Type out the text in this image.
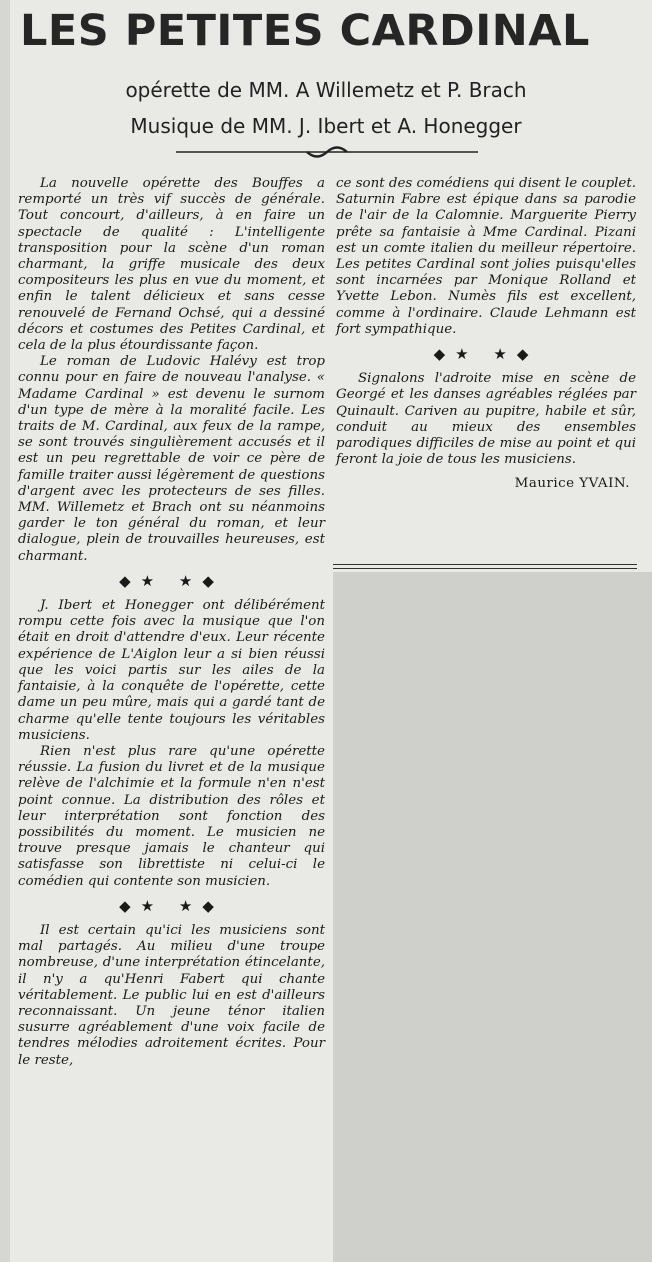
LES PETITES CARDINAL
opérette de MM. A Willemetz et P. Brach
Musique de MM. J. Ibert et A. Honegger

La nouvelle opérette des Bouffes a remporté un très vif succès de générale. Tout concourt, d'ailleurs, à en faire un spectacle de qualité : L'intelligente transposition pour la scène d'un roman charmant, la griffe musicale des deux compositeurs les plus en vue du moment, et enfin le talent délicieux et sans cesse renouvelé de Fernand Ochsé, qui a dessiné décors et costumes des Petites Cardinal, et cela de la plus étourdissante façon.

Le roman de Ludovic Halévy est trop connu pour en faire de nouveau l'analyse. « Madame Cardinal » est devenu le surnom d'un type de mère à la moralité facile. Les traits de M. Cardinal, aux feux de la rampe, se sont trouvés singulièrement accusés et il est un peu regrettable de voir ce père de famille traiter aussi légèrement de questions d'argent avec les protecteurs de ses filles. MM. Willemetz et Brach ont su néanmoins garder le ton général du roman, et leur dialogue, plein de trouvailles heureuses, est charmant.

◆★ ★◆

J. Ibert et Honegger ont délibérément rompu cette fois avec la musique que l'on était en droit d'attendre d'eux. Leur récente expérience de L'Aiglon leur a si bien réussi que les voici partis sur les ailes de la fantaisie, à la conquête de l'opérette, cette dame un peu mûre, mais qui a gardé tant de charme qu'elle tente toujours les véritables musiciens.

Rien n'est plus rare qu'une opérette réussie. La fusion du livret et de la musique relève de l'alchimie et la formule n'en n'est point connue. La distribution des rôles et leur interprétation sont fonction des possibilités du moment. Le musicien ne trouve presque jamais le chanteur qui satisfasse son librettiste ni celui-ci le comédien qui contente son musicien.

◆★ ★◆

Il est certain qu'ici les musiciens sont mal partagés. Au milieu d'une troupe nombreuse, d'une interprétation étincelante, il n'y a qu'Henri Fabert qui chante véritablement. Le public lui en est d'ailleurs reconnaissant. Un jeune ténor italien susurre agréablement d'une voix facile de tendres mélodies adroitement écrites. Pour le reste,

ce sont des comédiens qui disent le couplet. Saturnin Fabre est épique dans sa parodie de l'air de la Calomnie. Marguerite Pierry prête sa fantaisie à Mme Cardinal. Pizani est un comte italien du meilleur répertoire. Les petites Cardinal sont jolies puisqu'elles sont incarnées par Monique Rolland et Yvette Lebon. Numès fils est excellent, comme à l'ordinaire. Claude Lehmann est fort sympathique.

◆★ ★◆

Signalons l'adroite mise en scène de Georgé et les danses agréables réglées par Quinault. Cariven au pupitre, habile et sûr, conduit au mieux des ensembles parodiques difficiles de mise au point et qui feront la joie de tous les musiciens.

Maurice YVAIN.
